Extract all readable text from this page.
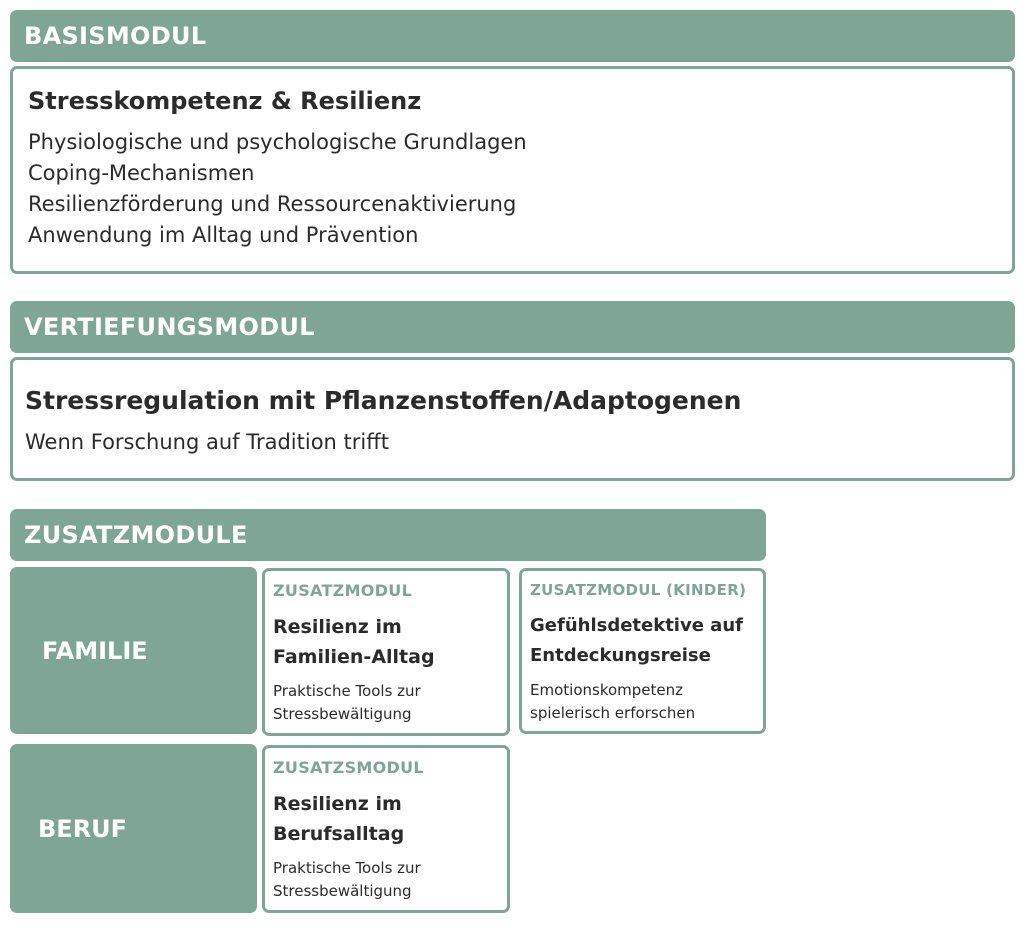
BASISMODUL
Stresskompetenz & Resilienz
Physiologische und psychologische Grundlagen
Coping-Mechanismen
Resilienzförderung und Ressourcenaktivierung
Anwendung im Alltag und Prävention
VERTIEFUNGSMODUL
Stressregulation mit Pflanzenstoffen/Adaptogenen
Wenn Forschung auf Tradition trifft
ZUSATZMODULE
FAMILIE
ZUSATZMODUL
Resilienz im
Familien-Alltag
Praktische Tools zur
Stressbewältigung
ZUSATZMODUL (KINDER)
Gefühlsdetektive auf
Entdeckungsreise
Emotionskompetenz
spielerisch erforschen
BERUF
ZUSATZSMODUL
Resilienz im
Berufsalltag
Praktische Tools zur
Stressbewältigung
